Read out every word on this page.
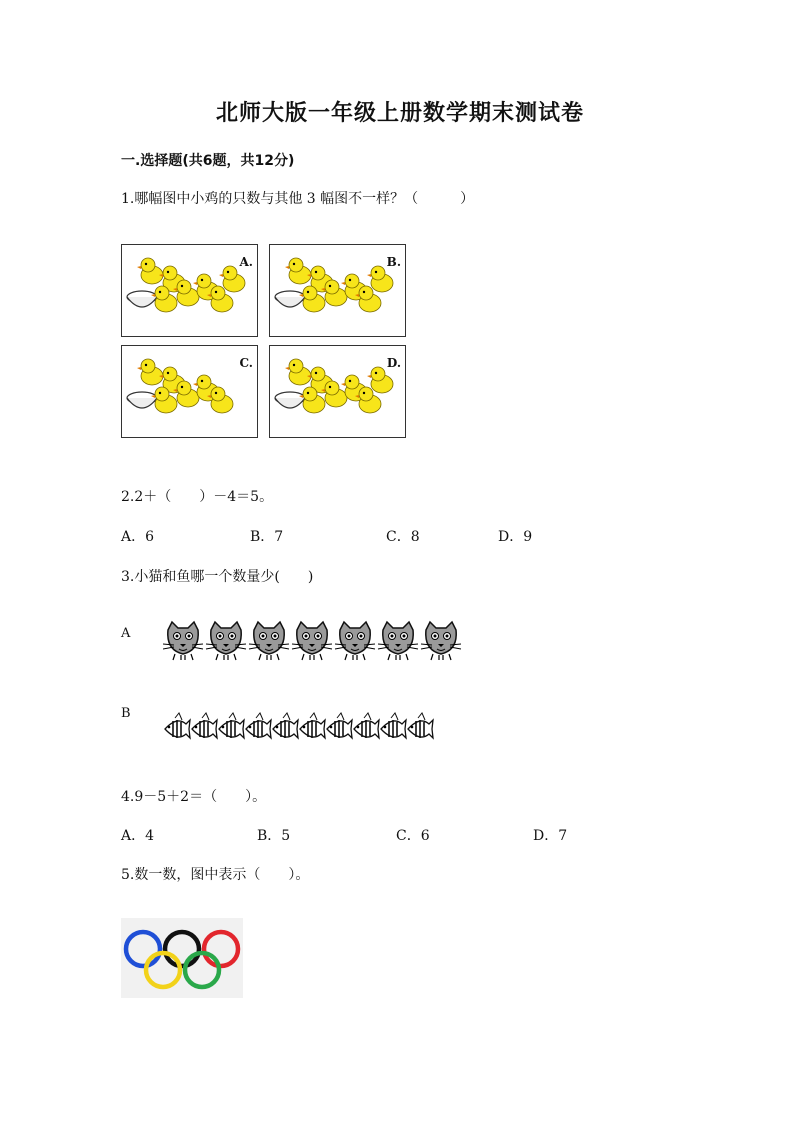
北师大版一年级上册数学期末测试卷
一.选择题(共6题，共12分)
1.哪幅图中小鸡的只数与其他 3 幅图不一样？（　　　）
A.	B.
C.	D.
2.2＋（　　）－4＝5。
A．6	B．7	C．8	D．9
3.小猫和鱼哪一个数量少(　　)
A
B
4.9－5＋2＝（　　）。
A．4	B．5	C．6	D．7
5.数一数，图中表示（　　）。
